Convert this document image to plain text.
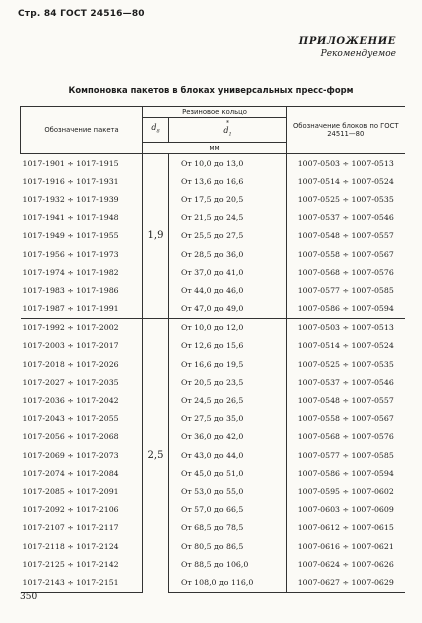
Стр. 84 ГОСТ 24516—80
ПРИЛОЖЕНИЕ
Рекомендуемое
Компоновка пакетов в блоках универсальных пресс-форм
Обозначение пакета	Резиновое кольцо		Обозначение блоков по ГОСТ 24511—80
	$d_8$	*
$d_1$
	мм		
1017-1901 ÷ 1017-1915	1,9	От 10,0 до 13,0	1007-0503 ÷ 1007-0513
1017-1916 ÷ 1017-1931		От 13,6 до 16,6	1007-0514 ÷ 1007-0524
1017-1932 ÷ 1017-1939		От 17,5 до 20,5	1007-0525 ÷ 1007-0535
1017-1941 ÷ 1017-1948		От 21,5 до 24,5	1007-0537 ÷ 1007-0546
1017-1949 ÷ 1017-1955		От 25,5 до 27,5	1007-0548 ÷ 1007-0557
1017-1956 ÷ 1017-1973		От 28,5 до 36,0	1007-0558 ÷ 1007-0567
1017-1974 ÷ 1017-1982		От 37,0 до 41,0	1007-0568 ÷ 1007-0576
1017-1983 ÷ 1017-1986		От 44,0 до 46,0	1007-0577 ÷ 1007-0585
1017-1987 ÷ 1017-1991		От 47,0 до 49,0	1007-0586 ÷ 1007-0594
1017-1992 ÷ 1017-2002	2,5	От 10,0 до 12,0	1007-0503 ÷ 1007-0513
1017-2003 ÷ 1017-2017		От 12,6 до 15,6	1007-0514 ÷ 1007-0524
1017-2018 ÷ 1017-2026		От 16,6 до 19,5	1007-0525 ÷ 1007-0535
1017-2027 ÷ 1017-2035		От 20,5 до 23,5	1007-0537 ÷ 1007-0546
1017-2036 ÷ 1017-2042		От 24,5 до 26,5	1007-0548 ÷ 1007-0557
1017-2043 ÷ 1017-2055		От 27,5 до 35,0	1007-0558 ÷ 1007-0567
1017-2056 ÷ 1017-2068		От 36,0 до 42,0	1007-0568 ÷ 1007-0576
1017-2069 ÷ 1017-2073		От 43,0 до 44,0	1007-0577 ÷ 1007-0585
1017-2074 ÷ 1017-2084		От 45,0 до 51,0	1007-0586 ÷ 1007-0594
1017-2085 ÷ 1017-2091		От 53,0 до 55,0	1007-0595 ÷ 1007-0602
1017-2092 ÷ 1017-2106		От 57,0 до 66,5	1007-0603 ÷ 1007-0609
1017-2107 ÷ 1017-2117		От 68,5 до 78,5	1007-0612 ÷ 1007-0615
1017-2118 ÷ 1017-2124		От 80,5 до 86,5	1007-0616 ÷ 1007-0621
1017-2125 ÷ 1017-2142		От 88,5 до 106,0	1007-0624 ÷ 1007-0626
1017-2143 ÷ 1017-2151		От 108,0 до 116,0	1007-0627 ÷ 1007-0629
350
